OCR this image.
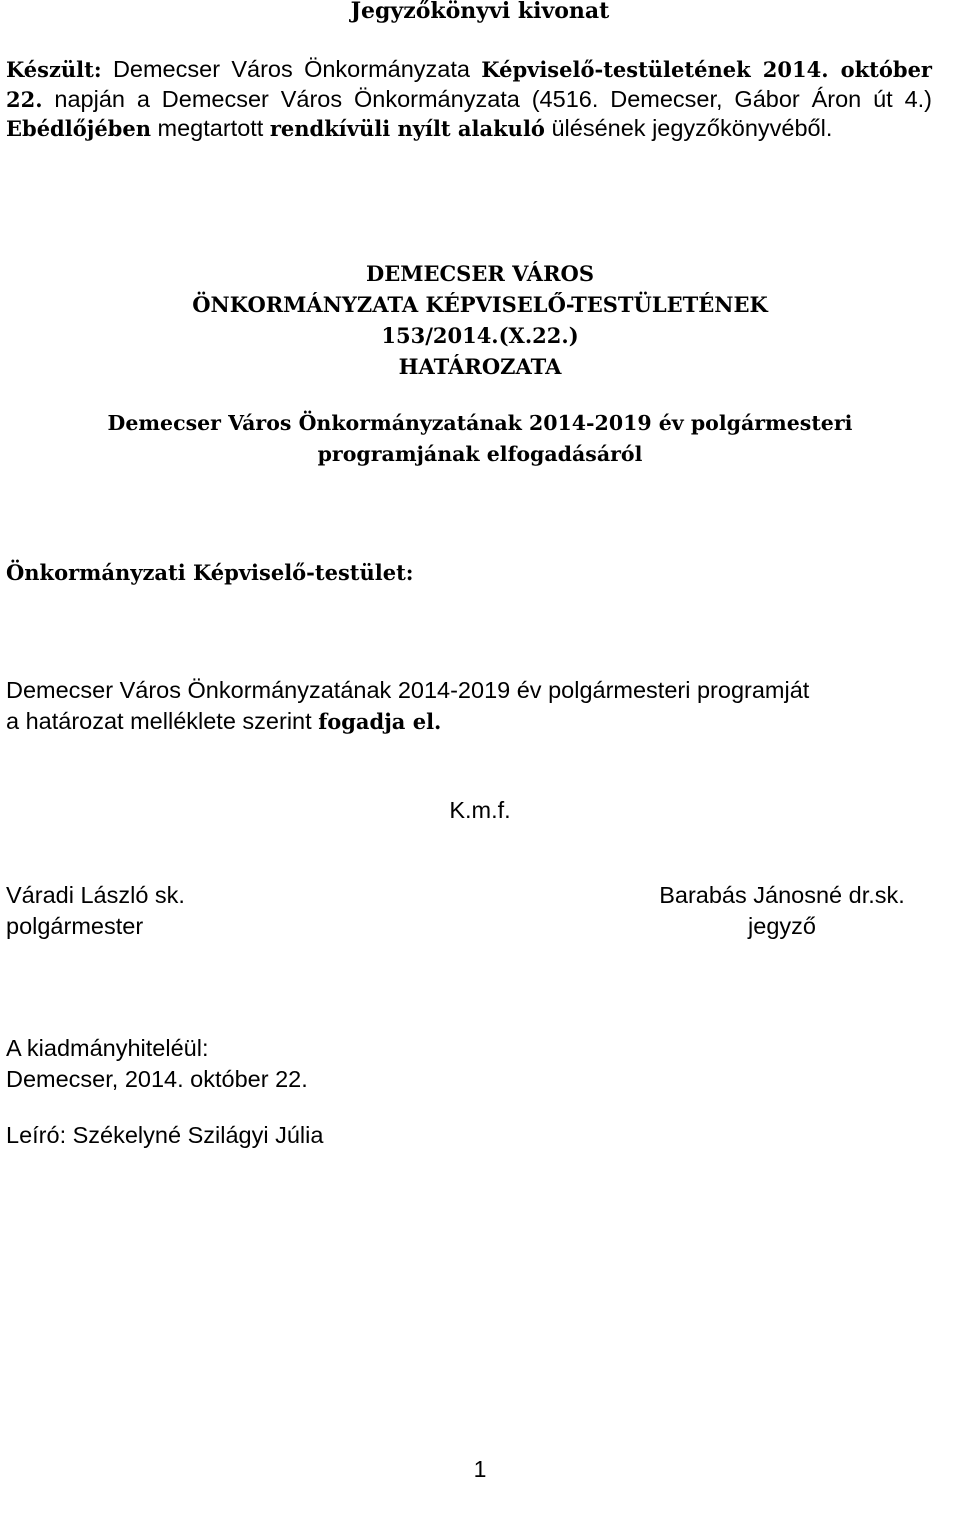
Jegyzőkönyvi kivonat
Készült: Demecser Város Önkormányzata Képviselő-testületének 2014. október 22. napján a Demecser Város Önkormányzata (4516. Demecser, Gábor Áron út 4.) Ebédlőjében megtartott rendkívüli nyílt alakuló ülésének jegyzőkönyvéből.
DEMECSER VÁROS
ÖNKORMÁNYZATA KÉPVISELŐ-TESTÜLETÉNEK
153/2014.(X.22.)
HATÁROZATA
Demecser Város Önkormányzatának 2014-2019 év polgármesteri
programjának elfogadásáról
Önkormányzati Képviselő-testület:
Demecser Város Önkormányzatának 2014-2019 év polgármesteri programját
a határozat melléklete szerint fogadja el.
K.m.f.
Váradi László sk.
polgármester
Barabás Jánosné dr.sk.
jegyző
A kiadmányhiteléül:
Demecser, 2014. október 22.
Leíró: Székelyné Szilágyi Júlia
1
